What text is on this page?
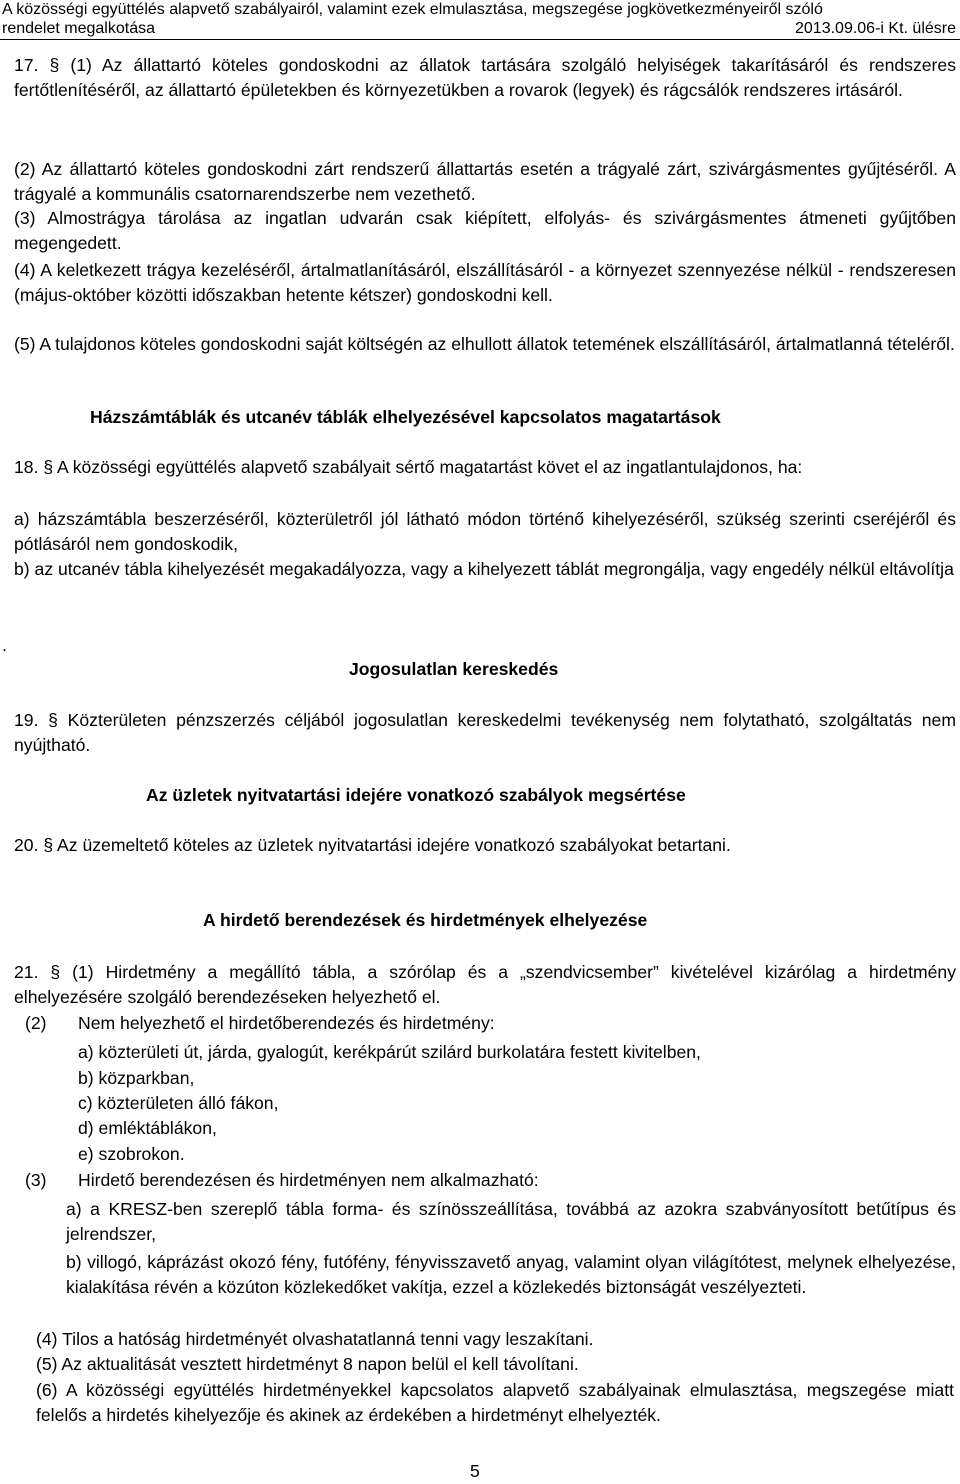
A közösségi együttélés alapvető szabályairól, valamint ezek elmulasztása, megszegése jogkövetkezményeiről szóló
rendelet megalkotása	2013.09.06-i Kt. ülésre
17. § (1) Az állattartó köteles gondoskodni az állatok tartására szolgáló helyiségek takarításáról és rendszeres fertőtlenítéséről, az állattartó épületekben és környezetükben a rovarok (legyek) és rágcsálók rendszeres irtásáról.
(2) Az állattartó köteles gondoskodni zárt rendszerű állattartás esetén a trágyalé zárt, szivárgásmentes gyűjtéséről. A trágyalé a kommunális csatornarendszerbe nem vezethető.
(3) Almostrágya tárolása az ingatlan udvarán csak kiépített, elfolyás- és szivárgásmentes átmeneti gyűjtőben megengedett.
(4) A keletkezett trágya kezeléséről, ártalmatlanításáról, elszállításáról - a környezet szennyezése nélkül - rendszeresen (május-október közötti időszakban hetente kétszer) gondoskodni kell.
(5) A tulajdonos köteles gondoskodni saját költségén az elhullott állatok tetemének elszállításáról, ártalmatlanná tételéről.
Házszámtáblák és utcanév táblák elhelyezésével kapcsolatos magatartások
18. § A közösségi együttélés alapvető szabályait sértő magatartást követ el az ingatlantulajdonos, ha:
a) házszámtábla beszerzéséről, közterületről jól látható módon történő kihelyezéséről, szükség szerinti cseréjéről és pótlásáról nem gondoskodik,
b) az utcanév tábla kihelyezését megakadályozza, vagy a kihelyezett táblát megrongálja, vagy engedély nélkül eltávolítja
.
Jogosulatlan kereskedés
19. § Közterületen pénzszerzés céljából jogosulatlan kereskedelmi tevékenység nem folytatható, szolgáltatás nem nyújtható.
Az üzletek nyitvatartási idejére vonatkozó szabályok megsértése
20. § Az üzemeltető köteles az üzletek nyitvatartási idejére vonatkozó szabályokat betartani.
A hirdető berendezések és hirdetmények elhelyezése
21. § (1) Hirdetmény a megállító tábla, a szórólap és a „szendvicsember” kivételével kizárólag a hirdetmény elhelyezésére szolgáló berendezéseken helyezhető el.
(2) Nem helyezhető el hirdetőberendezés és hirdetmény:
a) közterületi út, járda, gyalogút, kerékpárút szilárd burkolatára festett kivitelben,
b) közparkban,
c) közterületen álló fákon,
d) emléktáblákon,
e) szobrokon.
(3) Hirdető berendezésen és hirdetményen nem alkalmazható:
a) a KRESZ-ben szereplő tábla forma- és színösszeállítása, továbbá az azokra szabványosított betűtípus és jelrendszer,
b) villogó, káprázást okozó fény, futófény, fényvisszavető anyag, valamint olyan világítótest, melynek elhelyezése, kialakítása révén a közúton közlekedőket vakítja, ezzel a közlekedés biztonságát veszélyezteti.
(4) Tilos a hatóság hirdetményét olvashatatlanná tenni vagy leszakítani.
(5) Az aktualitását vesztett hirdetményt 8 napon belül el kell távolítani.
(6) A közösségi együttélés hirdetményekkel kapcsolatos alapvető szabályainak elmulasztása, megszegése miatt felelős a hirdetés kihelyezője és akinek az érdekében a hirdetményt elhelyezték.
5
